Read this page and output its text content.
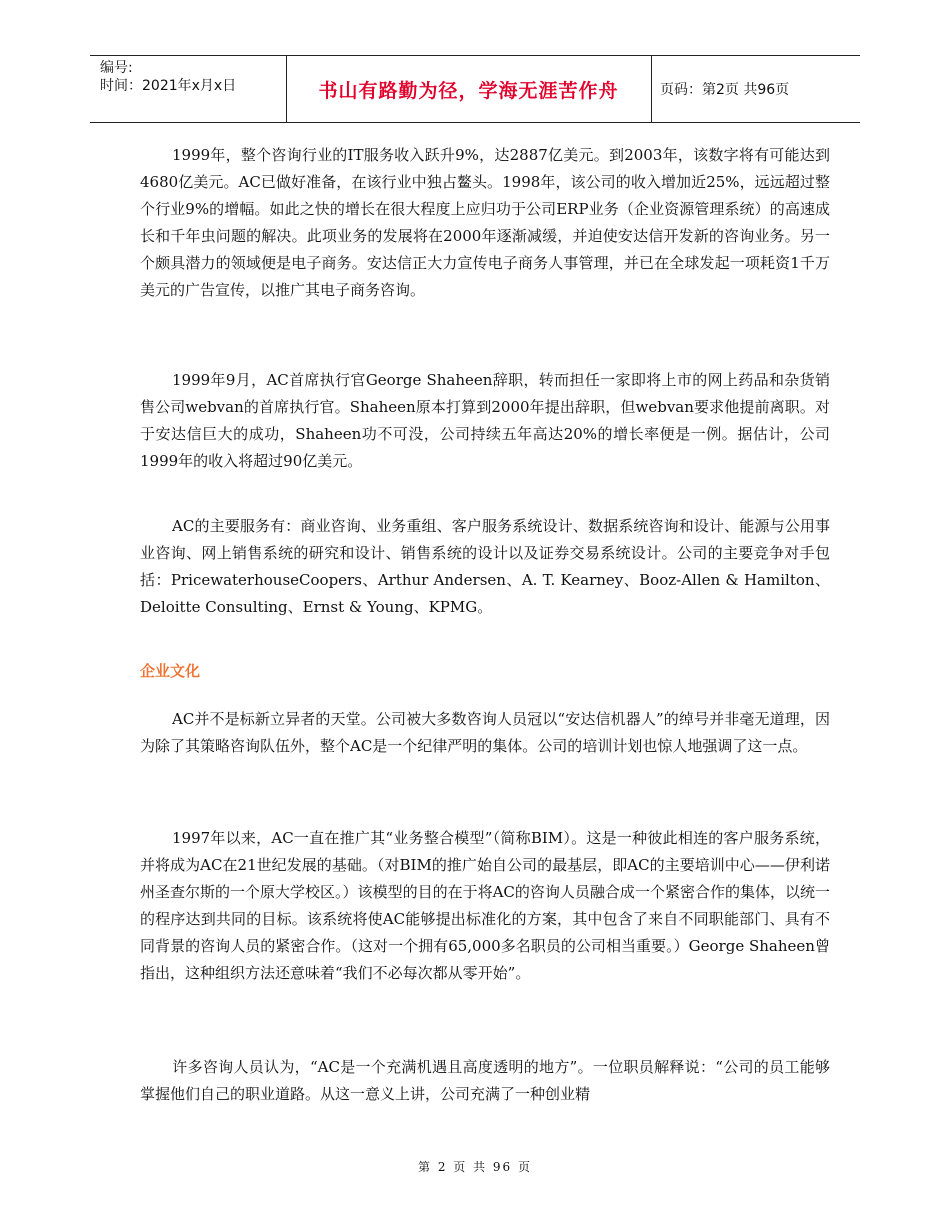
编号:
时间：2021年x月x日	书山有路勤为径，学海无涯苦作舟	页码：第2页 共96页

1999年，整个咨询行业的IT服务收入跃升9%，达2887亿美元。到2003年，该数字将有可能达到4680亿美元。AC已做好准备，在该行业中独占鳌头。1998年，该公司的收入增加近25%，远远超过整个行业9%的增幅。如此之快的增长在很大程度上应归功于公司ERP业务（企业资源管理系统）的高速成长和千年虫问题的解决。此项业务的发展将在2000年逐渐减缓，并迫使安达信开发新的咨询业务。另一个颇具潜力的领域便是电子商务。安达信正大力宣传电子商务人事管理，并已在全球发起一项耗资1千万美元的广告宣传，以推广其电子商务咨询。

1999年9月，AC首席执行官George Shaheen辞职，转而担任一家即将上市的网上药品和杂货销售公司webvan的首席执行官。Shaheen原本打算到2000年提出辞职，但webvan要求他提前离职。对于安达信巨大的成功，Shaheen功不可没，公司持续五年高达20%的增长率便是一例。据估计，公司1999年的收入将超过90亿美元。

AC的主要服务有：商业咨询、业务重组、客户服务系统设计、数据系统咨询和设计、能源与公用事业咨询、网上销售系统的研究和设计、销售系统的设计以及证券交易系统设计。公司的主要竞争对手包括：PricewaterhouseCoopers、Arthur Andersen、A. T. Kearney、Booz-Allen & Hamilton、Deloitte Consulting、Ernst & Young、KPMG。

企业文化

AC并不是标新立异者的天堂。公司被大多数咨询人员冠以“安达信机器人”的绰号并非毫无道理，因为除了其策略咨询队伍外，整个AC是一个纪律严明的集体。公司的培训计划也惊人地强调了这一点。

1997年以来，AC一直在推广其“业务整合模型”（简称BIM）。这是一种彼此相连的客户服务系统，并将成为AC在21世纪发展的基础。（对BIM的推广始自公司的最基层，即AC的主要培训中心——伊利诺州圣查尔斯的一个原大学校区。）该模型的目的在于将AC的咨询人员融合成一个紧密合作的集体，以统一的程序达到共同的目标。该系统将使AC能够提出标准化的方案，其中包含了来自不同职能部门、具有不同背景的咨询人员的紧密合作。（这对一个拥有65,000多名职员的公司相当重要。）George Shaheen曾指出，这种组织方法还意味着“我们不必每次都从零开始”。

许多咨询人员认为，“AC是一个充满机遇且高度透明的地方”。一位职员解释说：“公司的员工能够掌握他们自己的职业道路。从这一意义上讲，公司充满了一种创业精

第 2 页 共 96 页
